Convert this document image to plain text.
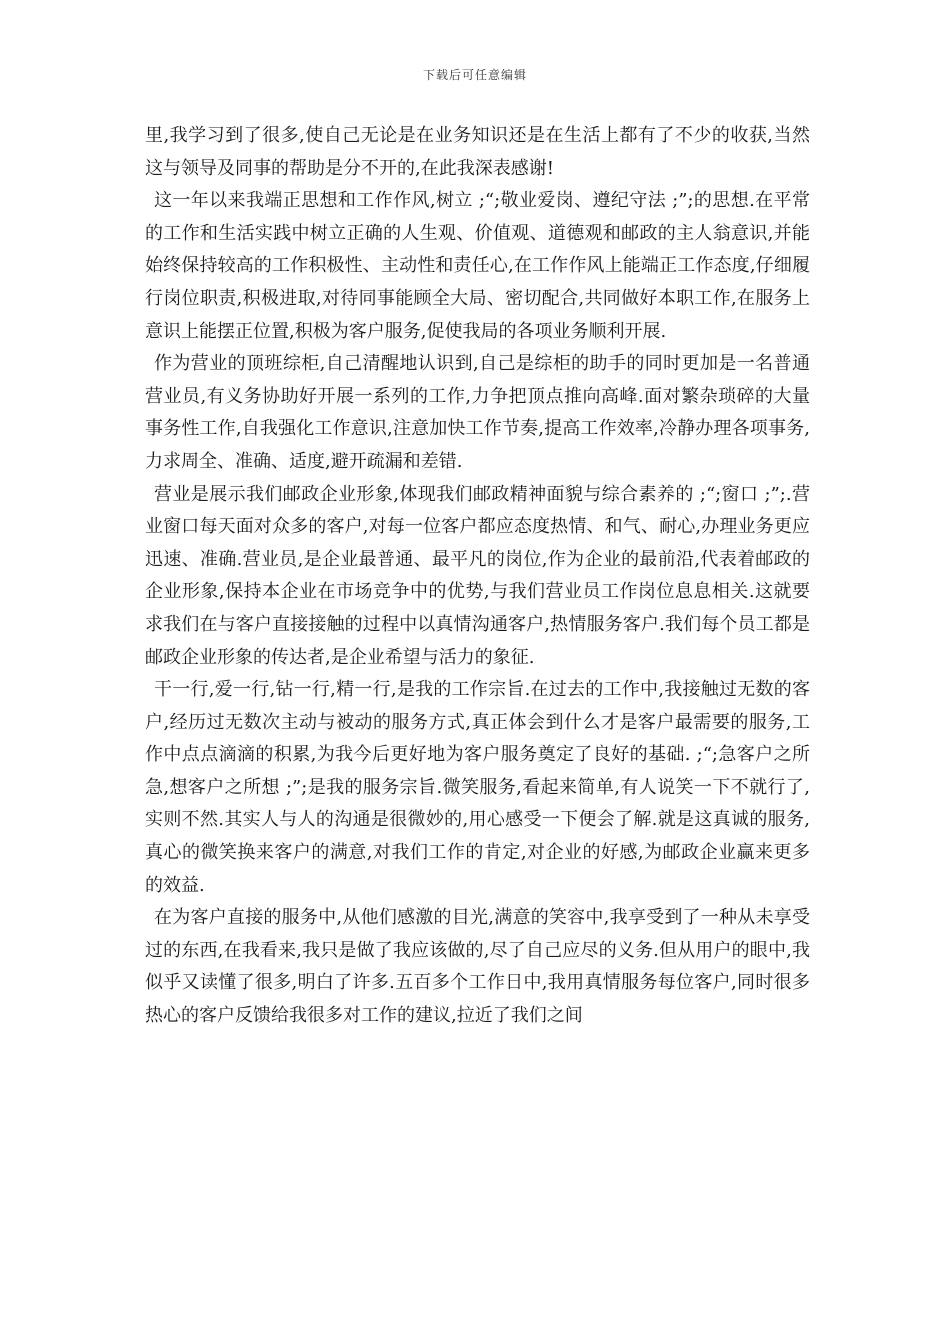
下载后可任意编辑

里,我学习到了很多,使自己无论是在业务知识还是在生活上都有了不少的收获,当然这与领导及同事的帮助是分不开的,在此我深表感谢!

这一年以来我端正思想和工作作风,树立 ;“;敬业爱岗、遵纪守法 ;”;的思想.在平常的工作和生活实践中树立正确的人生观、价值观、道德观和邮政的主人翁意识,并能始终保持较高的工作积极性、主动性和责任心,在工作作风上能端正工作态度,仔细履行岗位职责,积极进取,对待同事能顾全大局、密切配合,共同做好本职工作,在服务上意识上能摆正位置,积极为客户服务,促使我局的各项业务顺利开展.

作为营业的顶班综柜,自己清醒地认识到,自己是综柜的助手的同时更加是一名普通营业员,有义务协助好开展一系列的工作,力争把顶点推向高峰.面对繁杂琐碎的大量事务性工作,自我强化工作意识,注意加快工作节奏,提高工作效率,冷静办理各项事务,力求周全、准确、适度,避开疏漏和差错.

营业是展示我们邮政企业形象,体现我们邮政精神面貌与综合素养的 ;“;窗口 ;”;.营业窗口每天面对众多的客户,对每一位客户都应态度热情、和气、耐心,办理业务更应迅速、准确.营业员,是企业最普通、最平凡的岗位,作为企业的最前沿,代表着邮政的企业形象,保持本企业在市场竞争中的优势,与我们营业员工作岗位息息相关.这就要求我们在与客户直接接触的过程中以真情沟通客户,热情服务客户.我们每个员工都是邮政企业形象的传达者,是企业希望与活力的象征.

干一行,爱一行,钻一行,精一行,是我的工作宗旨.在过去的工作中,我接触过无数的客户,经历过无数次主动与被动的服务方式,真正体会到什么才是客户最需要的服务,工作中点点滴滴的积累,为我今后更好地为客户服务奠定了良好的基础. ;“;急客户之所急,想客户之所想 ;”;是我的服务宗旨.微笑服务,看起来简单,有人说笑一下不就行了,实则不然.其实人与人的沟通是很微妙的,用心感受一下便会了解.就是这真诚的服务,真心的微笑换来客户的满意,对我们工作的肯定,对企业的好感,为邮政企业赢来更多的效益.

在为客户直接的服务中,从他们感激的目光,满意的笑容中,我享受到了一种从未享受过的东西,在我看来,我只是做了我应该做的,尽了自己应尽的义务.但从用户的眼中,我似乎又读懂了很多,明白了许多.五百多个工作日中,我用真情服务每位客户,同时很多热心的客户反馈给我很多对工作的建议,拉近了我们之间
